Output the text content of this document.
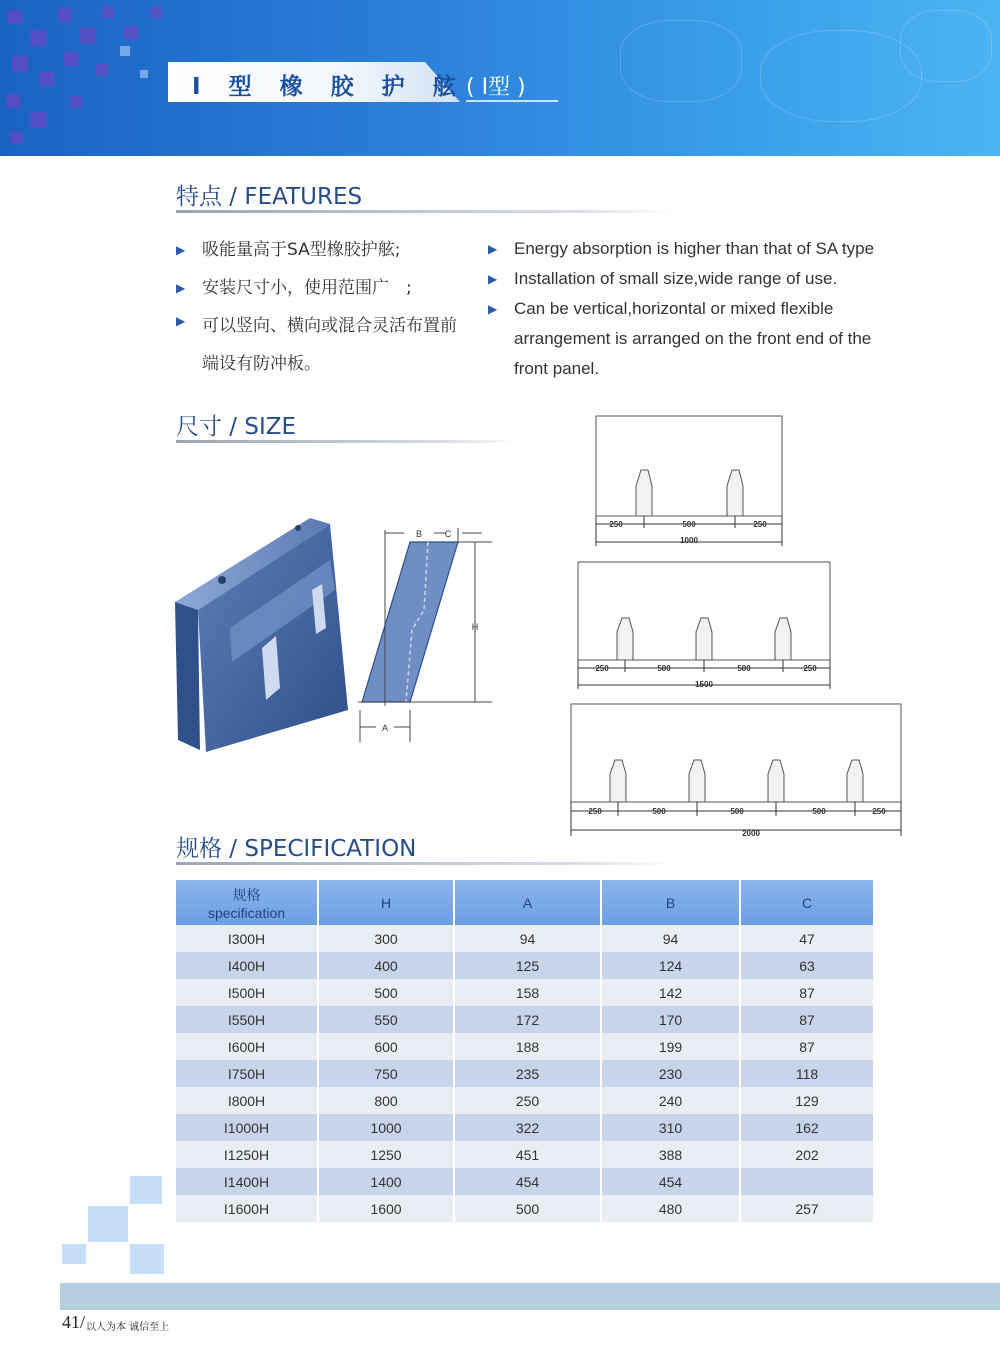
I 型 橡 胶 护 舷 ( I型 )
特点 / FEATURES
▶ 吸能量高于SA型橡胶护舷;
▶ 安装尺寸小，使用范围广　;
▶ 可以竖向、横向或混合灵活布置前端设有防冲板。
▶ Energy absorption is higher than that of SA type
▶ Installation of small size,wide range of use.
▶ Can be vertical,horizontal or mixed flexible arrangement is arranged on the front end of the front panel.
尺寸 / SIZE
B	C
H
A
250	500	250
1000
250	500	500	250
1500
250	500	500	500	250
2000
规格 / SPECIFICATION
规格
specification	H	A	B	C
I300H	300	94	94	47
I400H	400	125	124	63
I500H	500	158	142	87
I550H	550	172	170	87
I600H	600	188	199	87
I750H	750	235	230	118
I800H	800	250	240	129
I1000H	1000	322	310	162
I1250H	1250	451	388	202
I1400H	1400	454	454	
I1600H	1600	500	480	257
41/ 以人为本 诚信至上
